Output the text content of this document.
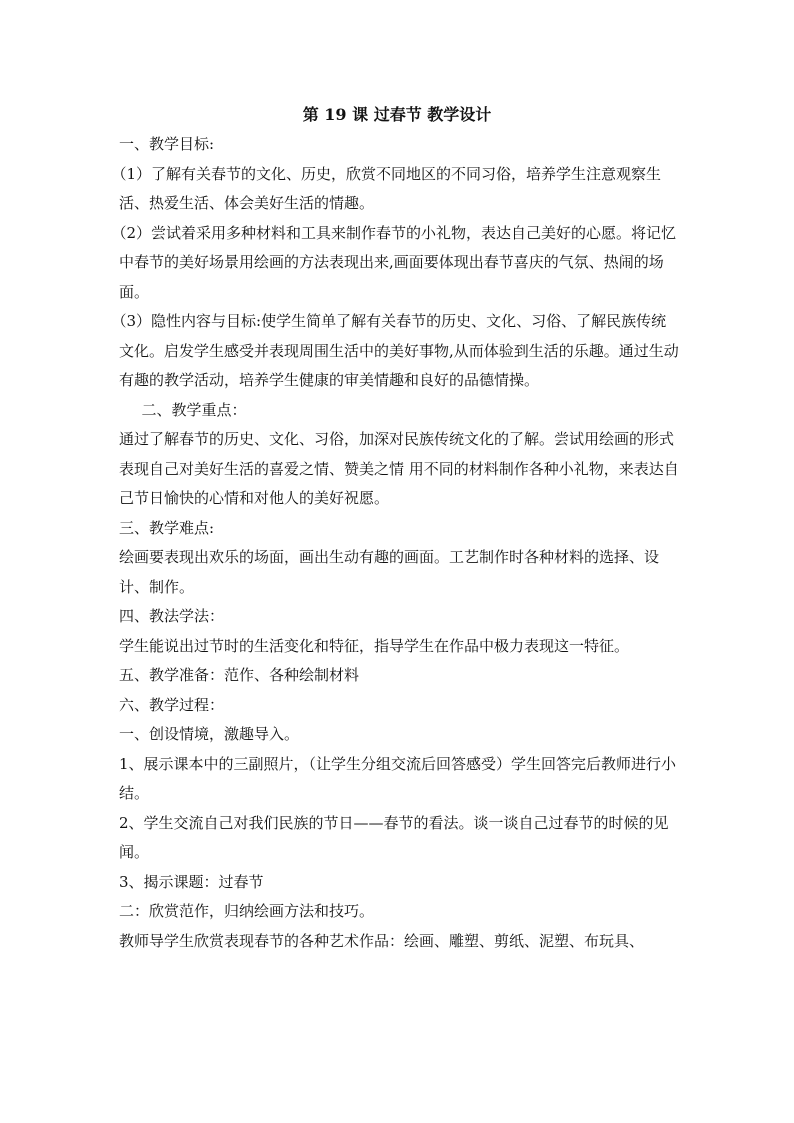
第 19 课 过春节 教学设计

一、教学目标:

（1）了解有关春节的文化、历史，欣赏不同地区的不同习俗，培养学生注意观察生活、热爱生活、体会美好生活的情趣。

（2）尝试着采用多种材料和工具来制作春节的小礼物，表达自己美好的心愿。将记忆中春节的美好场景用绘画的方法表现出来,画面要体现出春节喜庆的气氛、热闹的场面。

（3）隐性内容与目标:使学生简单了解有关春节的历史、文化、习俗、了解民族传统文化。启发学生感受并表现周围生活中的美好事物,从而体验到生活的乐趣。通过生动有趣的教学活动，培养学生健康的审美情趣和良好的品德情操。

二、教学重点：

通过了解春节的历史、文化、习俗，加深对民族传统文化的了解。尝试用绘画的形式表现自己对美好生活的喜爱之情、赞美之情 用不同的材料制作各种小礼物，来表达自己节日愉快的心情和对他人的美好祝愿。

三、教学难点:

绘画要表现出欢乐的场面，画出生动有趣的画面。工艺制作时各种材料的选择、设计、制作。

四、教法学法：

学生能说出过节时的生活变化和特征，指导学生在作品中极力表现这一特征。

五、教学准备：范作、各种绘制材料

六、教学过程：

一、创设情境，激趣导入。

1、展示课本中的三副照片，（让学生分组交流后回答感受）学生回答完后教师进行小结。

2、学生交流自己对我们民族的节日——春节的看法。谈一谈自己过春节的时候的见闻。

3、揭示课题：过春节

二：欣赏范作，归纳绘画方法和技巧。

教师导学生欣赏表现春节的各种艺术作品：绘画、雕塑、剪纸、泥塑、布玩具、
